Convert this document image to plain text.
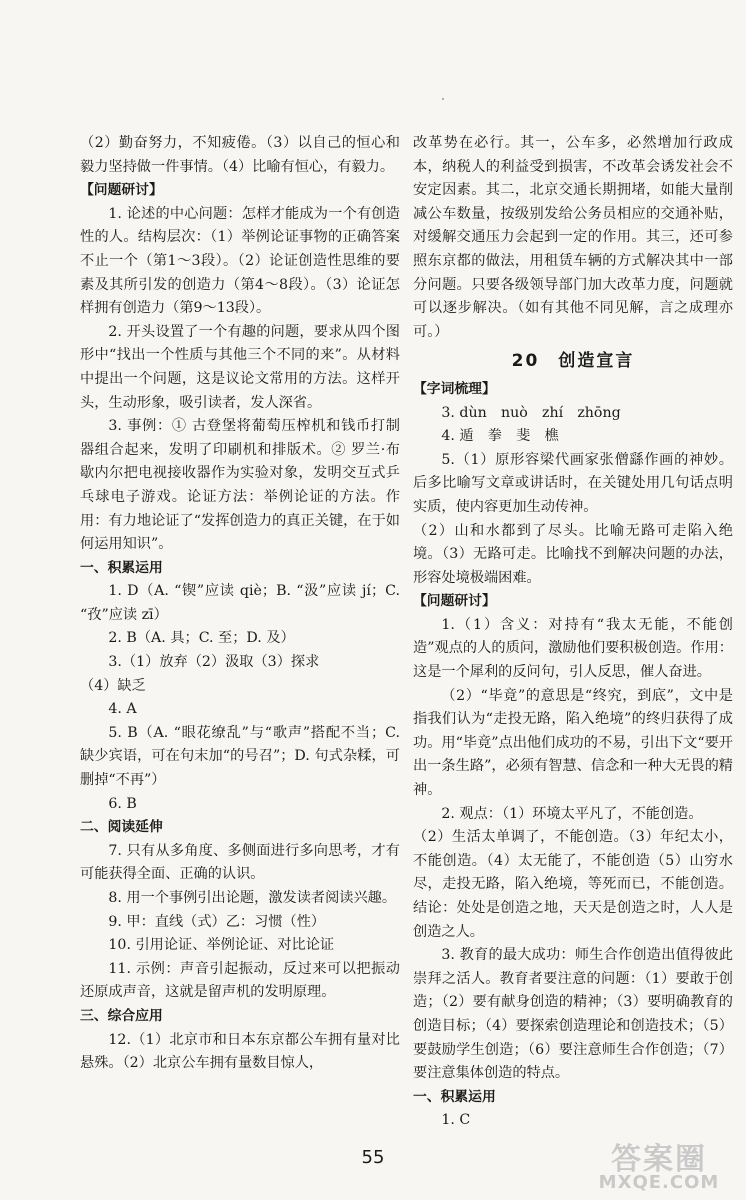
（2）勤奋努力，不知疲倦。（3）以自己的恒心和毅力坚持做一件事情。（4）比喻有恒心，有毅力。

【问题研讨】

1. 论述的中心问题：怎样才能成为一个有创造性的人。结构层次：（1）举例论证事物的正确答案不止一个（第1～3段）。（2）论证创造性思维的要素及其所引发的创造力（第4～8段）。（3）论证怎样拥有创造力（第9～13段）。

2. 开头设置了一个有趣的问题，要求从四个图形中“找出一个性质与其他三个不同的来”。从材料中提出一个问题，这是议论文常用的方法。这样开头，生动形象，吸引读者，发人深省。

3. 事例：① 古登堡将葡萄压榨机和钱币打制器组合起来，发明了印刷机和排版术。② 罗兰·布歇内尔把电视接收器作为实验对象，发明交互式乒乓球电子游戏。论证方法：举例论证的方法。作用：有力地论证了“发挥创造力的真正关键，在于如何运用知识”。

一、积累运用

1. D（A. “锲”应读 qiè；B. “汲”应读 jí；C. “孜”应读 zī）

2. B（A. 具；C. 至；D. 及）

3.（1）放弃（2）汲取（3）探求

（4）缺乏

4. A

5. B（A. “眼花缭乱”与“歌声”搭配不当；C. 缺少宾语，可在句末加“的号召”；D. 句式杂糅，可删掉“不再”）

6. B

二、阅读延伸

7. 只有从多角度、多侧面进行多向思考，才有可能获得全面、正确的认识。

8. 用一个事例引出论题，激发读者阅读兴趣。

9. 甲：直线（式）乙：习惯（性）

10. 引用论证、举例论证、对比论证

11. 示例：声音引起振动，反过来可以把振动还原成声音，这就是留声机的发明原理。

三、综合应用

12.（1）北京市和日本东京都公车拥有量对比悬殊。（2）北京公车拥有量数目惊人，

改革势在必行。其一，公车多，必然增加行政成本，纳税人的利益受到损害，不改革会诱发社会不安定因素。其二，北京交通长期拥堵，如能大量削减公车数量，按级别发给公务员相应的交通补贴，对缓解交通压力会起到一定的作用。其三，还可参照东京都的做法，用租赁车辆的方式解决其中一部分问题。只要各级领导部门加大改革力度，问题就可以逐步解决。（如有其他不同见解，言之成理亦可。）

20　创造宣言

【字词梳理】

3. dùn　nuò　zhí　zhōng

4. 遁　拳　斐　樵

5.（1）原形容梁代画家张僧繇作画的神妙。后多比喻写文章或讲话时，在关键处用几句话点明实质，使内容更加生动传神。

（2）山和水都到了尽头。比喻无路可走陷入绝境。（3）无路可走。比喻找不到解决问题的办法，形容处境极端困难。

【问题研讨】

1.（1）含义：对持有“我太无能，不能创造”观点的人的质问，激励他们要积极创造。作用：这是一个犀利的反问句，引人反思，催人奋进。

（2）“毕竟”的意思是“终究，到底”，文中是指我们认为“走投无路，陷入绝境”的终归获得了成功。用“毕竟”点出他们成功的不易，引出下文“要开出一条生路”，必须有智慧、信念和一种大无畏的精神。

2. 观点：（1）环境太平凡了，不能创造。

（2）生活太单调了，不能创造。（3）年纪太小，不能创造。（4）太无能了，不能创造（5）山穷水尽，走投无路，陷入绝境，等死而已，不能创造。结论：处处是创造之地，天天是创造之时，人人是创造之人。

3. 教育的最大成功：师生合作创造出值得彼此崇拜之活人。教育者要注意的问题：（1）要敢于创造；（2）要有献身创造的精神；（3）要明确教育的创造目标；（4）要探索创造理论和创造技术；（5）要鼓励学生创造；（6）要注意师生合作创造；（7）要注意集体创造的特点。

一、积累运用

1. C

55	答案圈
MXQE.COM
